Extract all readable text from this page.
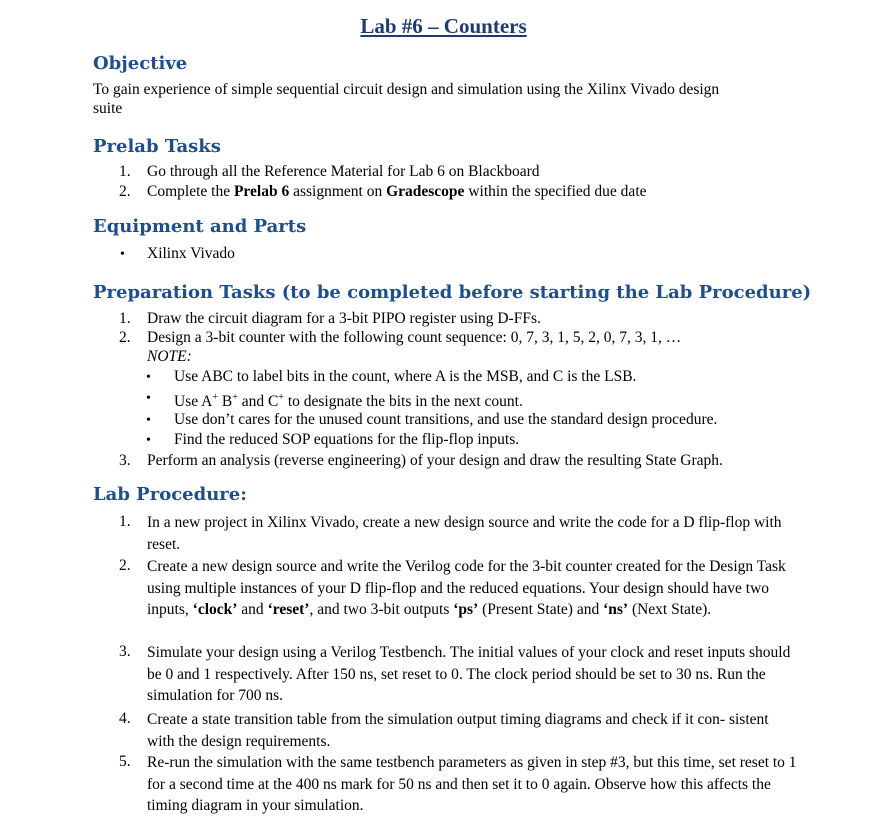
Lab #6 – Counters
Objective
To gain experience of simple sequential circuit design and simulation using the Xilinx Vivado design
suite
Prelab Tasks
1. Go through all the Reference Material for Lab 6 on Blackboard
2. Complete the Prelab 6 assignment on Gradescope within the specified due date
Equipment and Parts
• Xilinx Vivado
Preparation Tasks (to be completed before starting the Lab Procedure)
1. Draw the circuit diagram for a 3-bit PIPO register using D-FFs.
2. Design a 3-bit counter with the following count sequence: 0, 7, 3, 1, 5, 2, 0, 7, 3, 1, …
NOTE:
• Use ABC to label bits in the count, where A is the MSB, and C is the LSB.
• Use A+ B+ and C+ to designate the bits in the next count.
• Use don’t cares for the unused count transitions, and use the standard design procedure.
• Find the reduced SOP equations for the flip-flop inputs.
3. Perform an analysis (reverse engineering) of your design and draw the resulting State Graph.
Lab Procedure:
1. In a new project in Xilinx Vivado, create a new design source and write the code for a D flip-flop with reset.
2. Create a new design source and write the Verilog code for the 3-bit counter created for the Design Task using multiple instances of your D flip-flop and the reduced equations. Your design should have two inputs, ‘clock’ and ‘reset’, and two 3-bit outputs ‘ps’ (Present State) and ‘ns’ (Next State).
3. Simulate your design using a Verilog Testbench. The initial values of your clock and reset inputs should be 0 and 1 respectively. After 150 ns, set reset to 0. The clock period should be set to 30 ns. Run the simulation for 700 ns.
4. Create a state transition table from the simulation output timing diagrams and check if it con- sistent with the design requirements.
5. Re-run the simulation with the same testbench parameters as given in step #3, but this time, set reset to 1 for a second time at the 400 ns mark for 50 ns and then set it to 0 again. Observe how this affects the timing diagram in your simulation.
